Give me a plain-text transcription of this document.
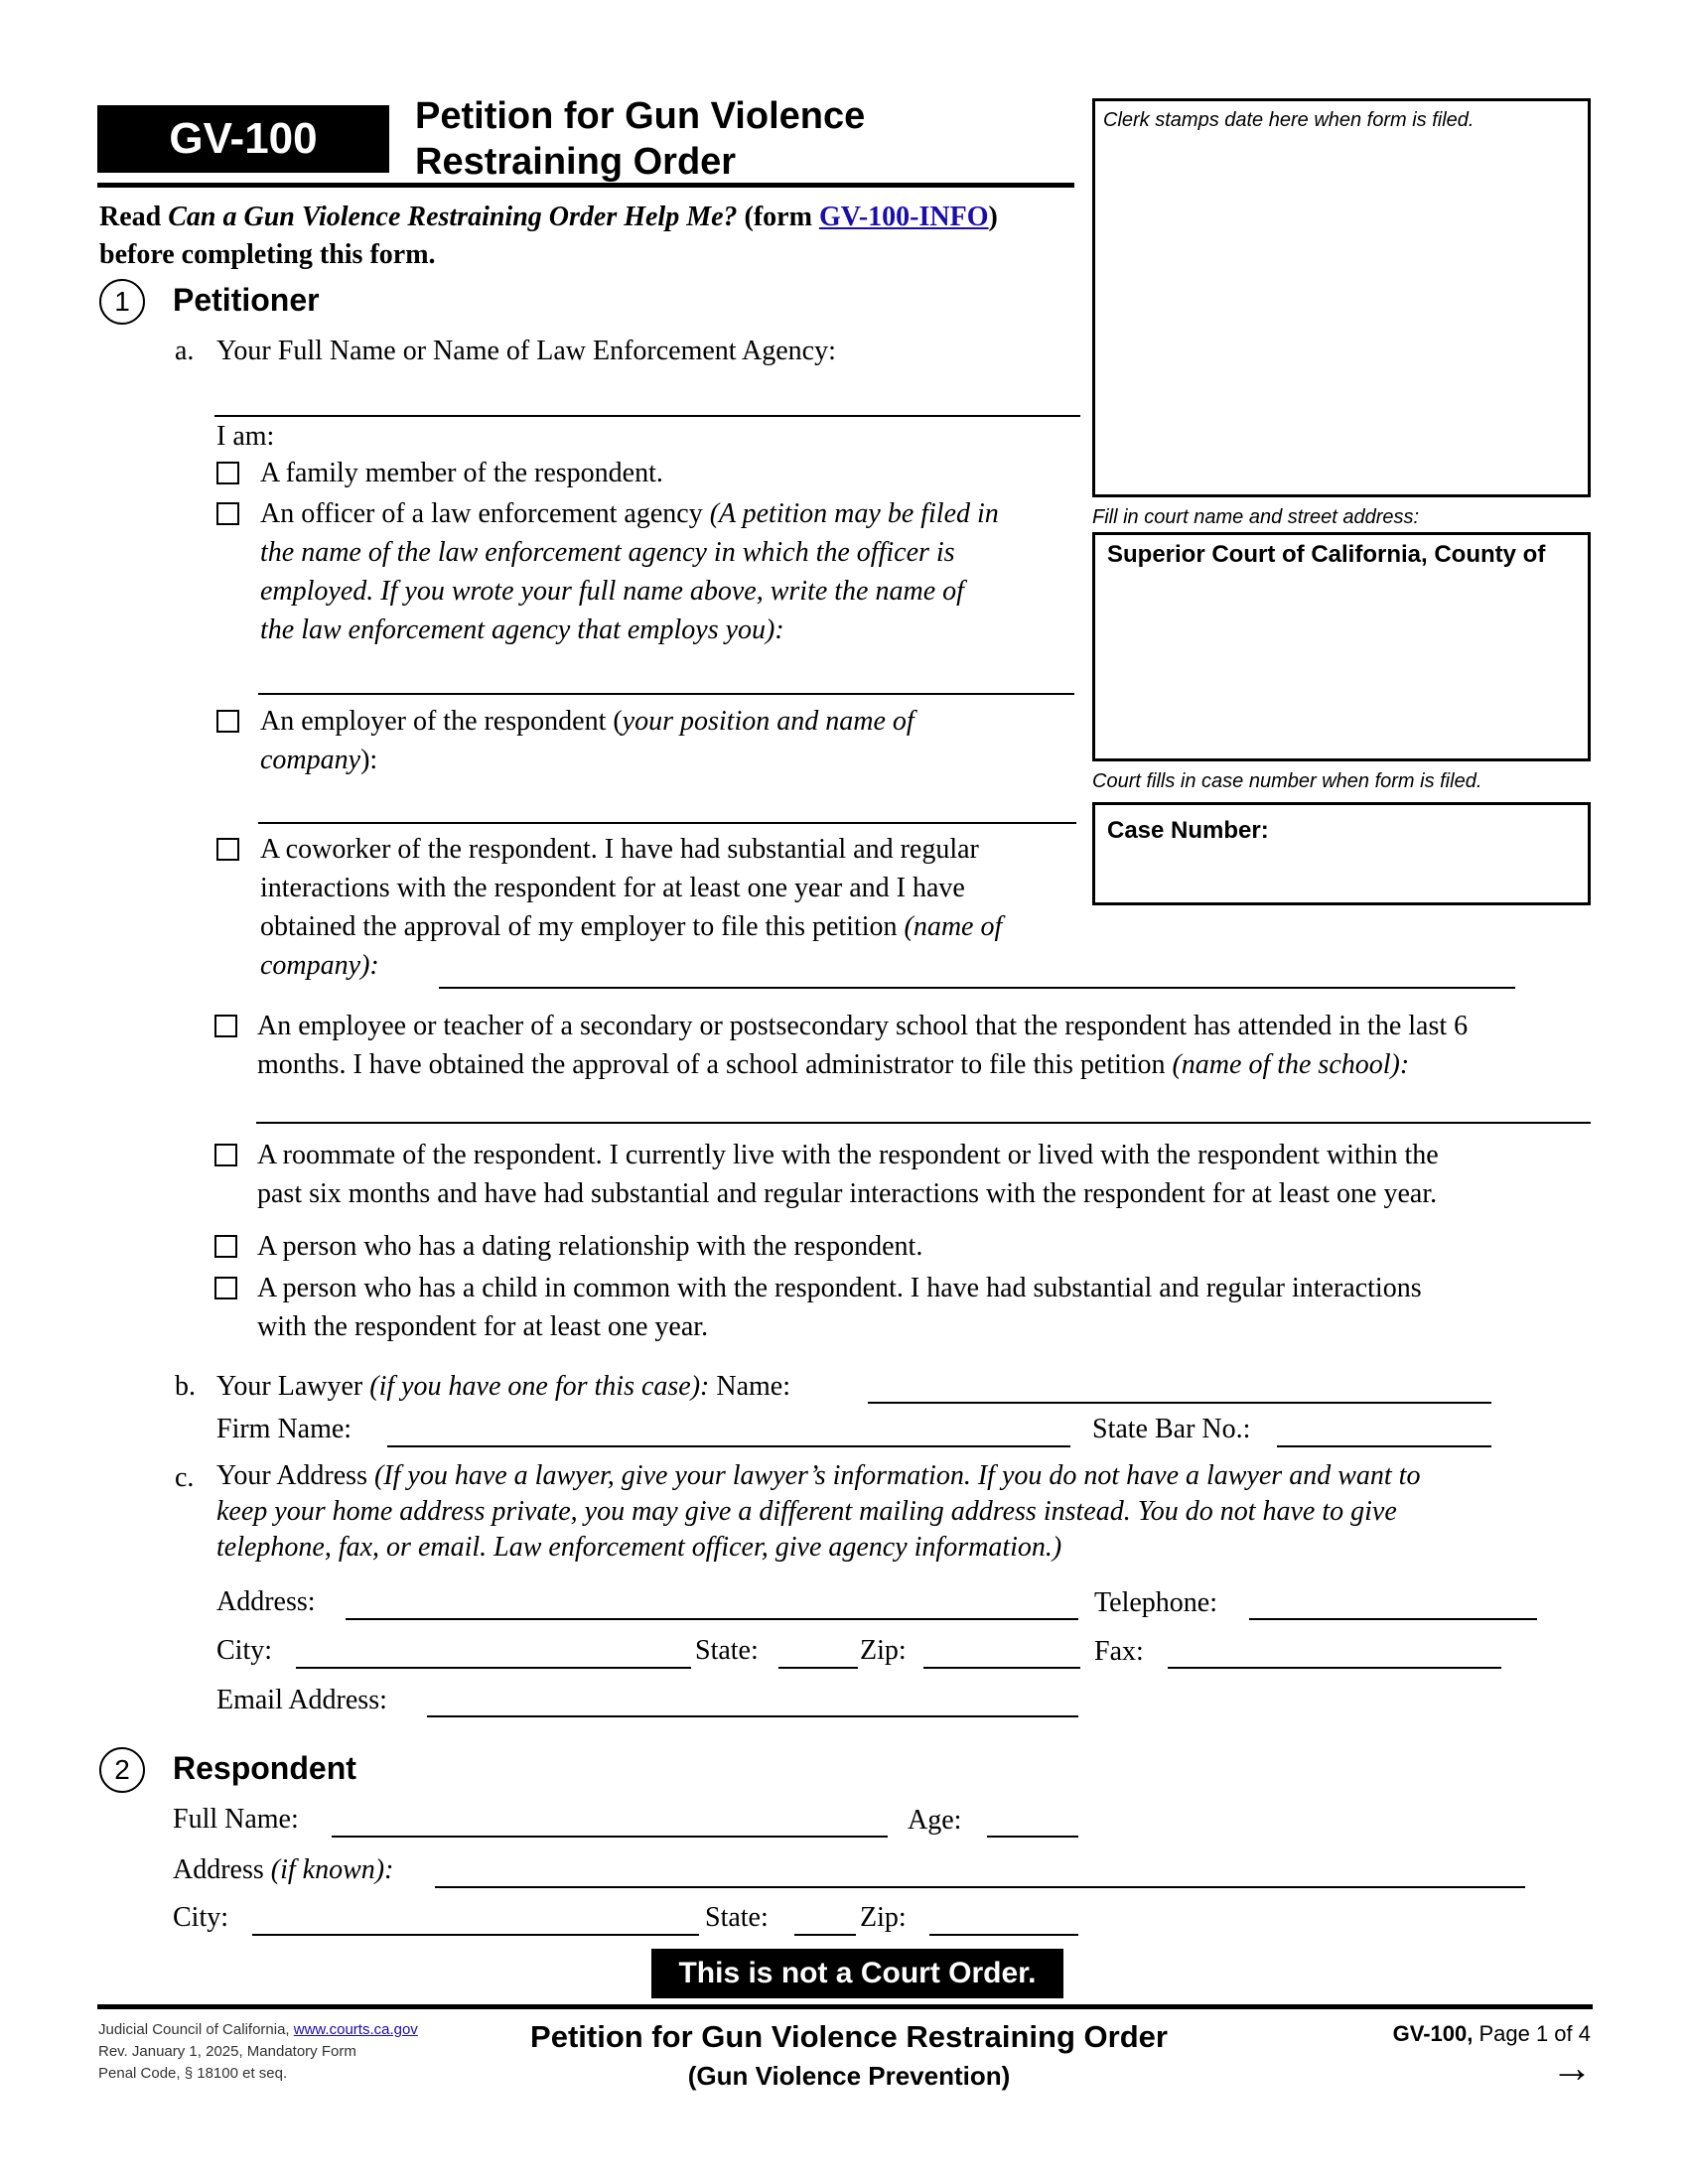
GV-100	Petition for Gun Violence
Restraining Order
Read Can a Gun Violence Restraining Order Help Me? (form GV-100-INFO)
before completing this form.
Clerk stamps date here when form is filed.
Fill in court name and street address:
Superior Court of California, County of
Court fills in case number when form is filed.
Case Number:
1	Petitioner
a. Your Full Name or Name of Law Enforcement Agency:
I am:
A family member of the respondent.
An officer of a law enforcement agency (A petition may be filed in
the name of the law enforcement agency in which the officer is
employed. If you wrote your full name above, write the name of
the law enforcement agency that employs you):
An employer of the respondent (your position and name of
company):
A coworker of the respondent. I have had substantial and regular
interactions with the respondent for at least one year and I have
obtained the approval of my employer to file this petition (name of
company):
An employee or teacher of a secondary or postsecondary school that the respondent has attended in the last 6
months. I have obtained the approval of a school administrator to file this petition (name of the school):
A roommate of the respondent. I currently live with the respondent or lived with the respondent within the
past six months and have had substantial and regular interactions with the respondent for at least one year.
A person who has a dating relationship with the respondent.
A person who has a child in common with the respondent. I have had substantial and regular interactions
with the respondent for at least one year.
b. Your Lawyer (if you have one for this case): Name:
Firm Name:	State Bar No.:
c. Your Address (If you have a lawyer, give your lawyer’s information. If you do not have a lawyer and want to
keep your home address private, you may give a different mailing address instead. You do not have to give
telephone, fax, or email. Law enforcement officer, give agency information.)
Address:	Telephone:
City:	State:	Zip:	Fax:
Email Address:
2	Respondent
Full Name:	Age:
Address (if known):
City:	State:	Zip:
This is not a Court Order.
Judicial Council of California, www.courts.ca.gov
Rev. January 1, 2025, Mandatory Form
Penal Code, § 18100 et seq.
Petition for Gun Violence Restraining Order
(Gun Violence Prevention)
GV-100, Page 1 of 4
→
